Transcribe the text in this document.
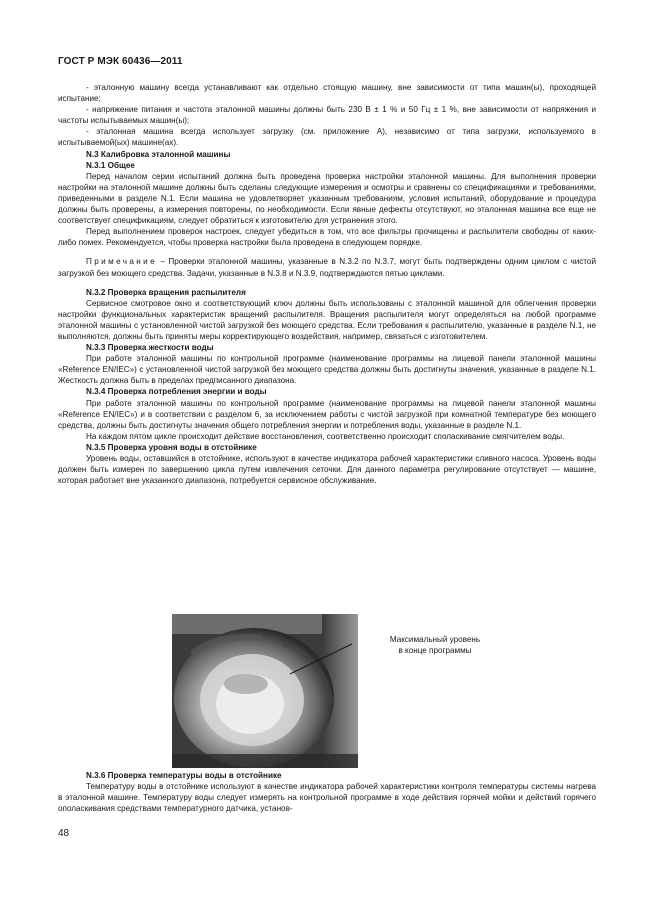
ГОСТ Р МЭК 60436—2011

- эталонную машину всегда устанавливают как отдельно стоящую машину, вне зависимости от типа машин(ы), проходящей испытание;

- напряжение питания и частота эталонной машины должны быть 230 В ± 1 % и 50 Гц ± 1 %, вне зависимости от напряжения и частоты испытываемых машин(ы);

- эталонная машина всегда использует загрузку (см. приложение А), независимо от типа загрузки, используемого в испытываемой(ых) машине(ах).

N.3 Калибровка эталонной машины
N.3.1 Общее

Перед началом серии испытаний должна быть проведена проверка настройки эталонной машины. Для выполнения проверки настройки на эталонной машине должны быть сделаны следующие измерения и осмотры и сравнены со спецификациями и требованиями, приведенными в разделе N.1. Если машина не удовлетворяет указанным требованиям, условия испытаний, оборудование и процедура должны быть проверены, а измерения повторены, по необходимости. Если явные дефекты отсутствуют, но эталонная машина все еще не соответствует спецификациям, следует обратиться к изготовителю для устранения этого.

Перед выполнением проверок настроек, следует убедиться в том, что все фильтры прочищены и распылители свободны от каких-либо помех. Рекомендуется, чтобы проверка настройки была проведена в следующем порядке.

Примечание – Проверки эталонной машины, указанные в N.3.2 по N.3.7, могут быть подтверждены одним циклом с чистой загрузкой без моющего средства. Задачи, указанные в N.3.8 и N.3.9, подтверждаются пятью циклами.

N.3.2 Проверка вращения распылителя

Сервисное смотровое окно и соответствующий ключ должны быть использованы с эталонной машиной для облегчения проверки настройки функциональных характеристик вращений распылителя. Вращения распылителя могут определяться на любой программе эталонной машины с установленной чистой загрузкой без моющего средства. Если требования к распылителю, указанные в разделе N.1, не выполняются, должны быть приняты меры корректирующего воздействия, например, связаться с изготовителем.

N.3.3 Проверка жесткости воды

При работе эталонной машины по контрольной программе (наименование программы на лицевой панели эталонной машины «Reference EN/IEC») с установленной чистой загрузкой без моющего средства должны быть достигнуты значения, указанные в разделе N.1. Жесткость должна быть в пределах предписанного диапазона.

N.3.4 Проверка потребления энергии и воды

При работе эталонной машины по контрольной программе (наименование программы на лицевой панели эталонной машины «Reference EN/IEC») и в соответствии с разделом 6, за исключением работы с чистой загрузкой при комнатной температуре без моющего средства, должны быть достигнуты значения общего потребления энергии и потребления воды, указанные в разделе N.1.

На каждом пятом цикле происходит действие восстановления, соответственно происходит споласкивание смягчителем воды.

N.3.5 Проверка уровня воды в отстойнике

Уровень воды, оставшийся в отстойнике, используют в качестве индикатора рабочей характеристики сливного насоса. Уровень воды должен быть измерен по завершению цикла путем извлечения сеточки. Для данного параметра регулирование отсутствует — машине, которая работает вне указанного диапазона, потребуется сервисное обслуживание.

Максимальный уровень
в конце программы
N.3.6 Проверка температуры воды в отстойнике

Температуру воды в отстойнике используют в качестве индикатора рабочей характеристики контроля температуры системы нагрева в эталонной машине. Температуру воды следует измерять на контрольной программе в ходе действия горячей мойки и действий горячего ополаскивания средствами температурного датчика, установ-

48
